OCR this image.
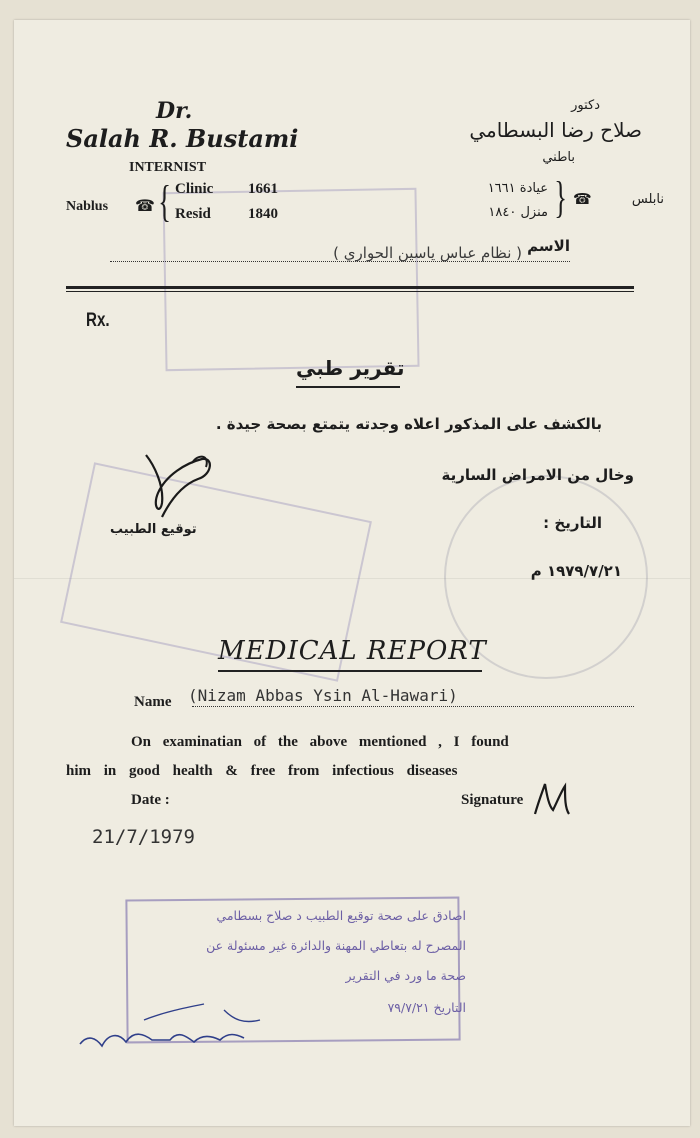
Dr.
Salah R. Bustami
INTERNIST
Nablus ☎ { Clinic 1661
Resid 1840
دكتور
صلاح رضا البسطامي
باطني
نابلس
☎
}
عيادة ١٦٦١
منزل ١٨٤٠
الاسم
( نظام عباس ياسين الحواري )
Rx.
تقرير طبي
بالكشف على المذكور اعلاه وجدته يتمتع بصحة جيدة .
وخال من الامراض السارية
التاريخ :
١٩٧٩/٧/٢١ م
توقيع الطبيب
MEDICAL REPORT
Name (Nizam Abbas Ysin Al-Hawari)
On examinatian of the above mentioned , I found
him in good health & free from infectious diseases
Date :	Signature
21/7/1979
اصادق على صحة توقيع الطبيب د صلاح بسطامي
المصرح له بتعاطي المهنة والدائرة غير مسئولة عن
صحة ما ورد في التقرير
التاريخ ٧٩/٧/٢١
